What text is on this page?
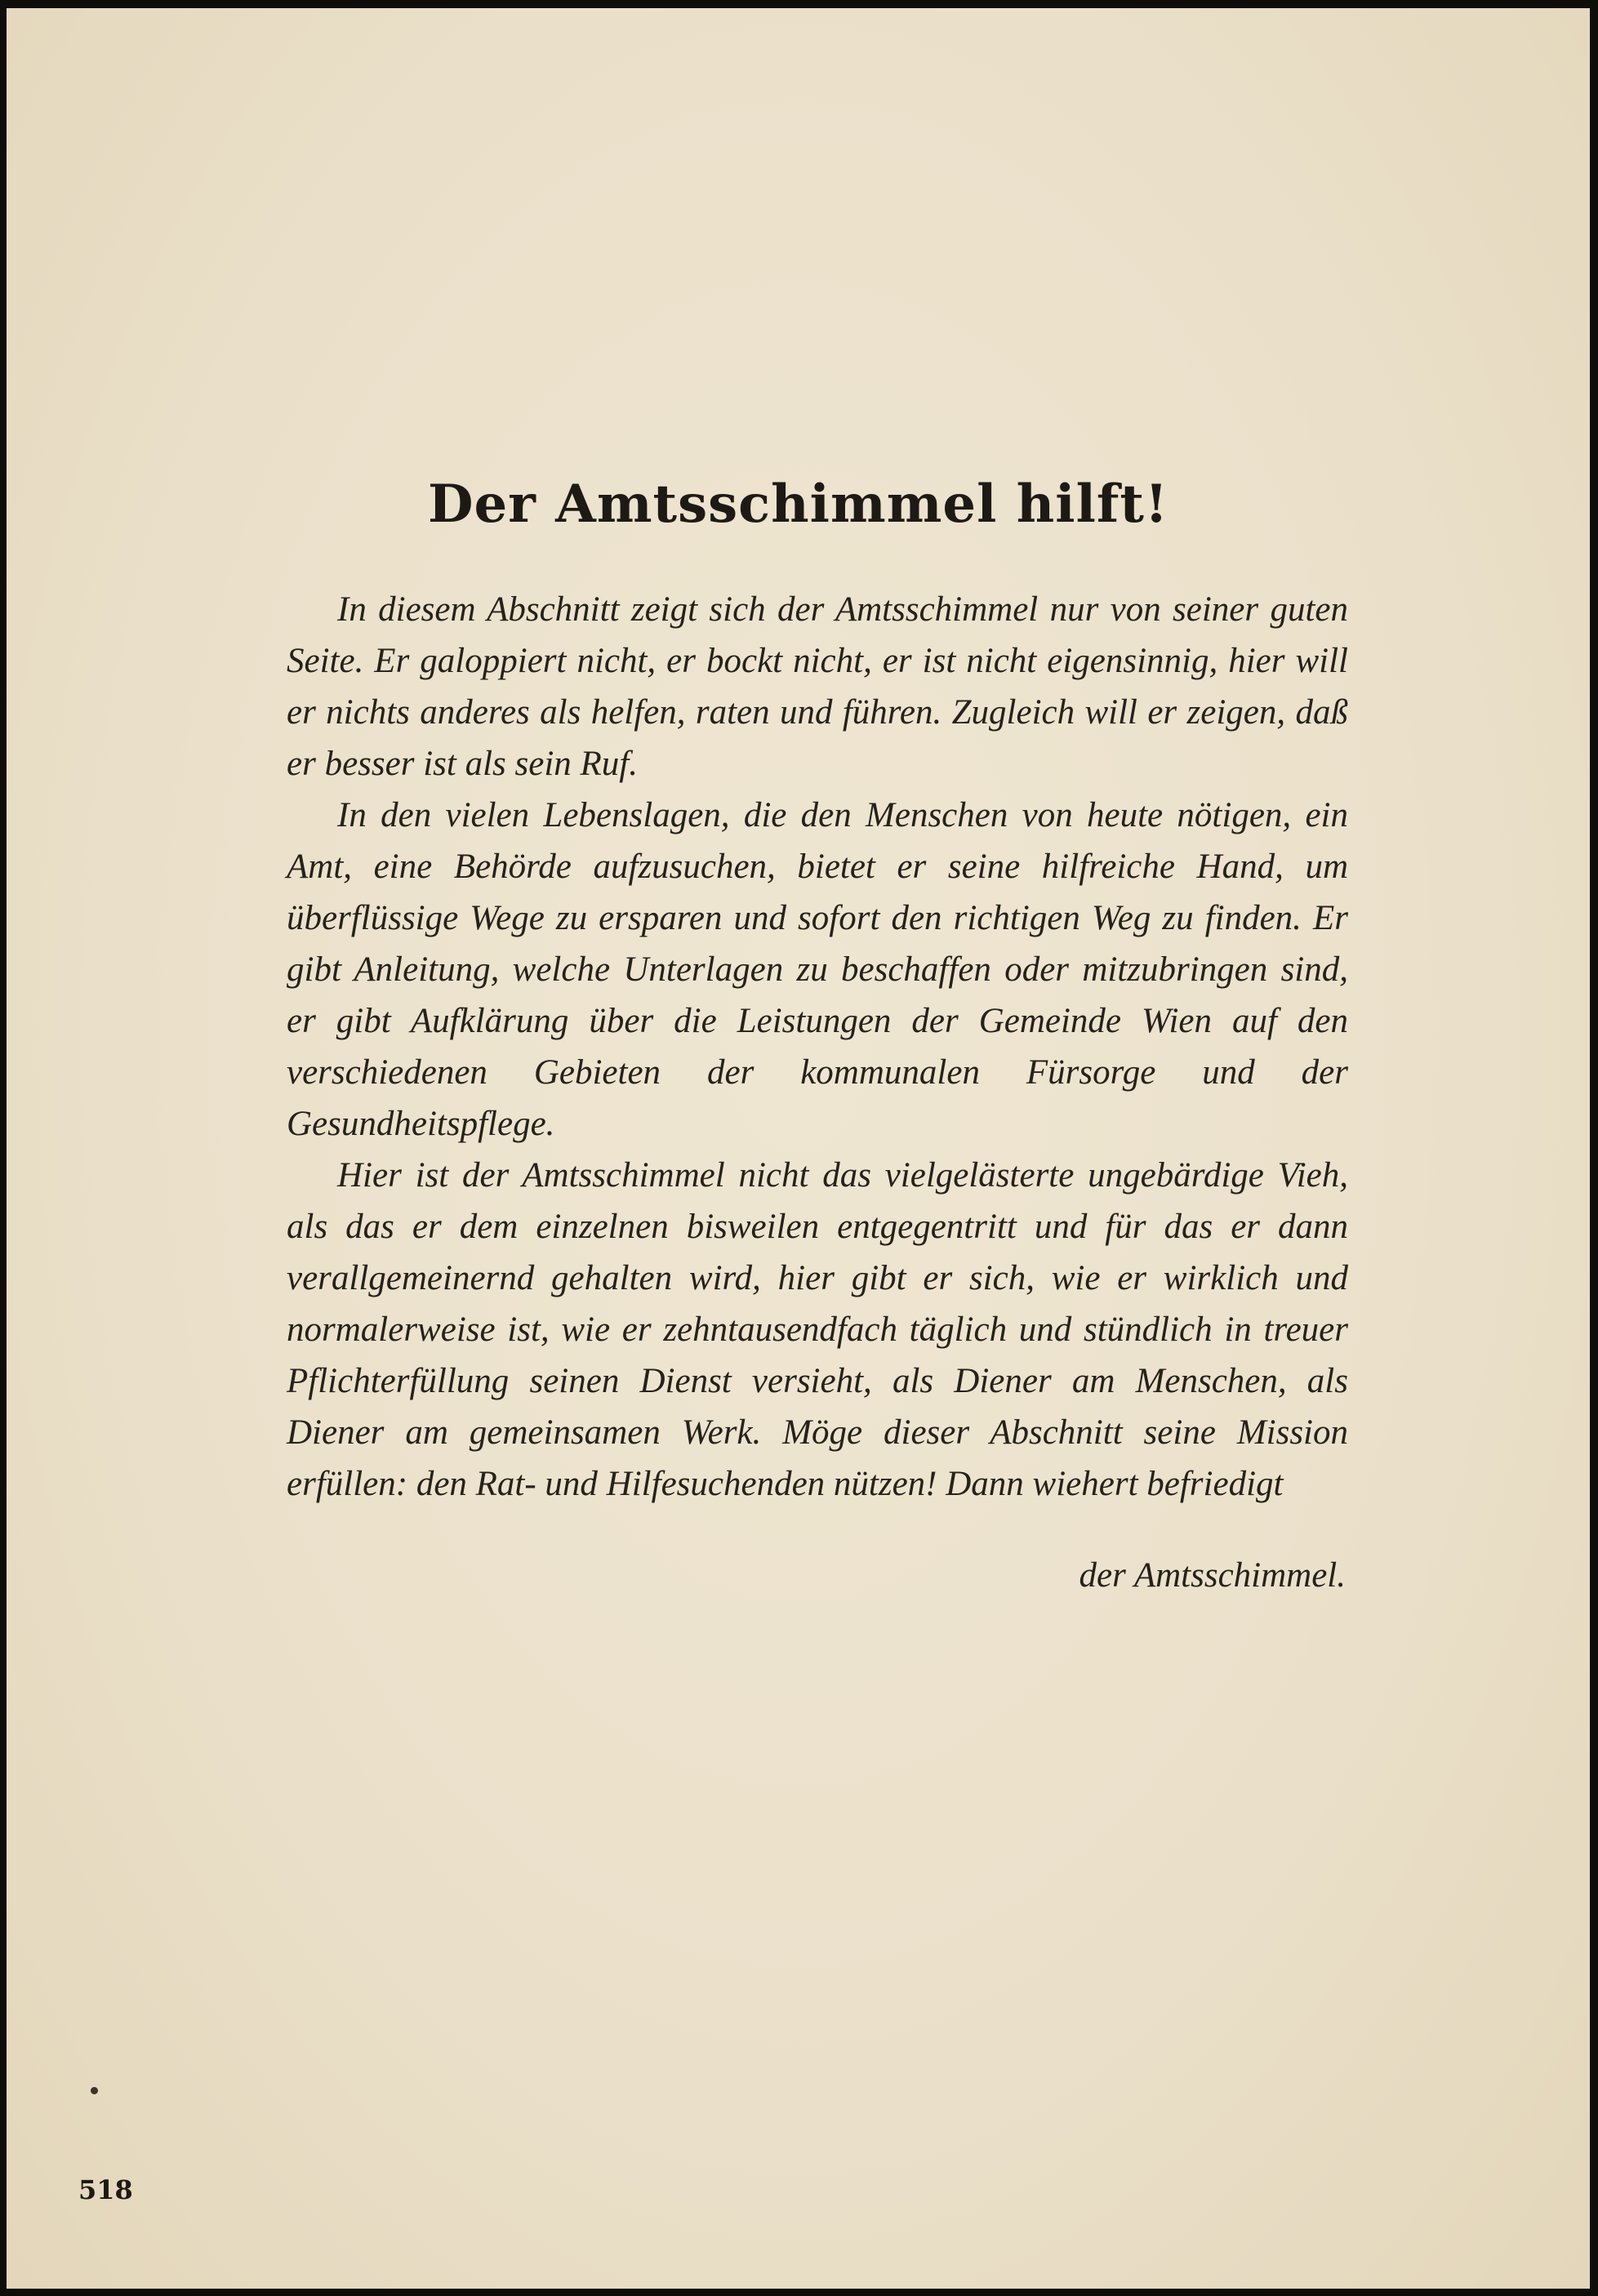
Der Amtsschimmel hilft!

In diesem Abschnitt zeigt sich der Amtsschimmel nur von seiner guten Seite. Er galoppiert nicht, er bockt nicht, er ist nicht eigensinnig, hier will er nichts anderes als helfen, raten und führen. Zugleich will er zeigen, daß er besser ist als sein Ruf.

In den vielen Lebenslagen, die den Menschen von heute nötigen, ein Amt, eine Behörde aufzusuchen, bietet er seine hilfreiche Hand, um überflüssige Wege zu ersparen und sofort den richtigen Weg zu finden. Er gibt Anleitung, welche Unterlagen zu beschaffen oder mitzubringen sind, er gibt Aufklärung über die Leistungen der Gemeinde Wien auf den verschiedenen Gebieten der kommunalen Fürsorge und der Gesundheitspflege.

Hier ist der Amtsschimmel nicht das vielgelästerte ungebärdige Vieh, als das er dem einzelnen bisweilen entgegentritt und für das er dann verallgemeinernd gehalten wird, hier gibt er sich, wie er wirklich und normalerweise ist, wie er zehntausendfach täglich und stündlich in treuer Pflichterfüllung seinen Dienst versieht, als Diener am Menschen, als Diener am gemeinsamen Werk. Möge dieser Abschnitt seine Mission erfüllen: den Rat- und Hilfesuchenden nützen! Dann wiehert befriedigt

der Amtsschimmel.
518
